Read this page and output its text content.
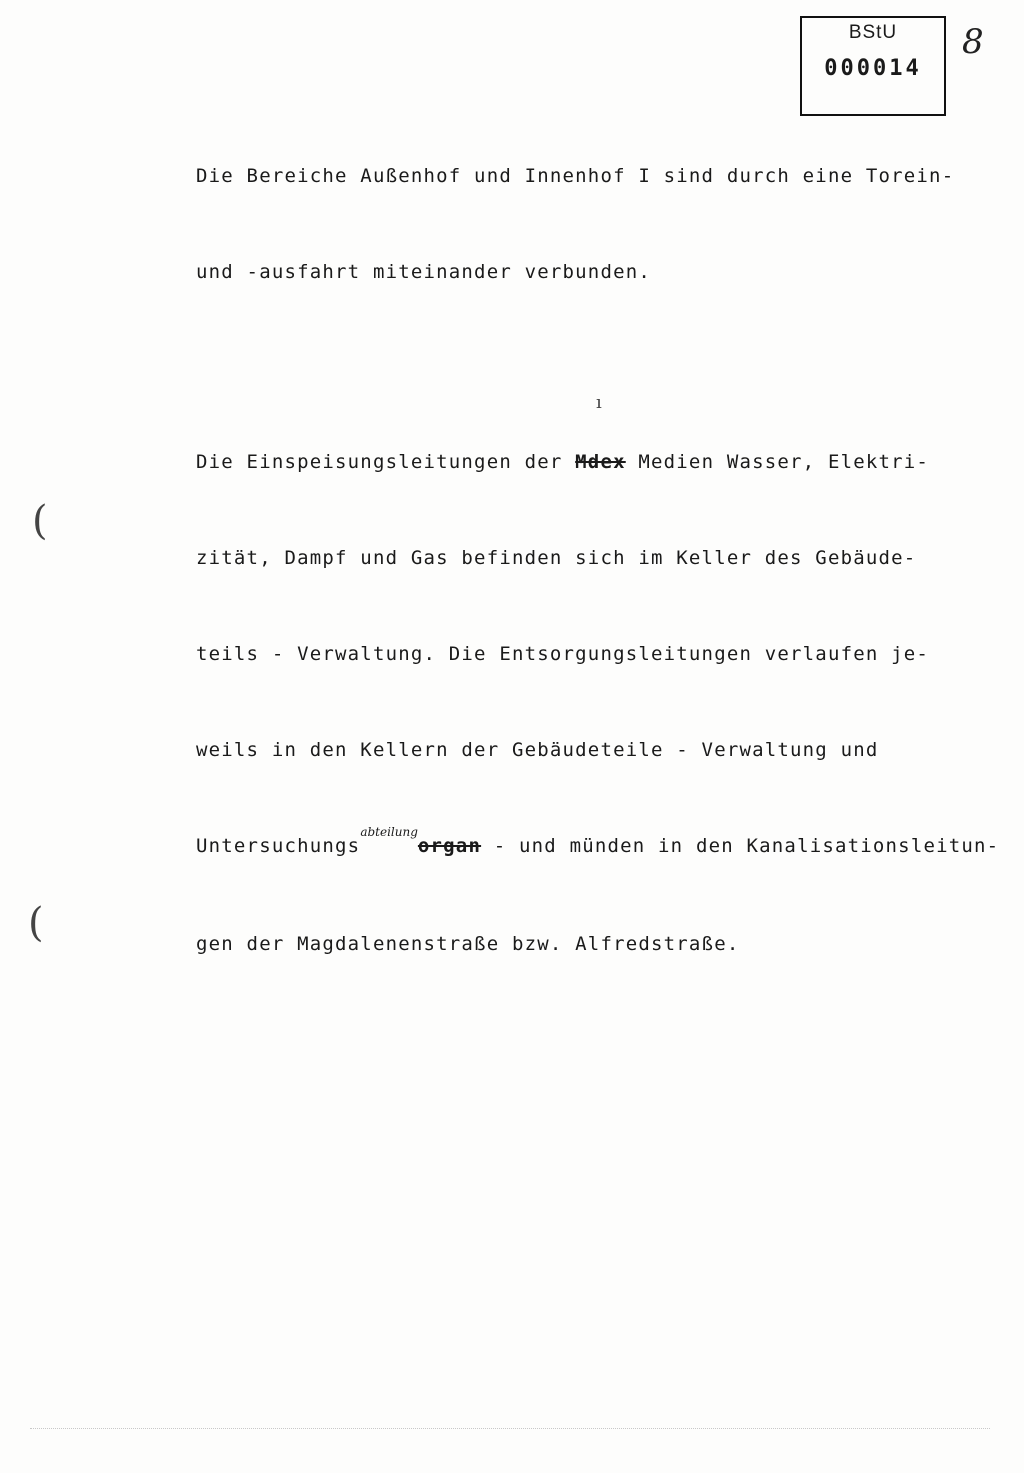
BStU
000014
8

Die Bereiche Außenhof und Innenhof I sind durch eine Torein-

und -ausfahrt miteinander verbunden.

Die Einspeisungsleitungen der Mdex Medien Wasser, Elektri-

zität, Dampf und Gas befinden sich im Keller des Gebäude-

teils - Verwaltung. Die Entsorgungsleitungen verlaufen je-

weils in den Kellern der Gebäudeteile - Verwaltung und

Untersuchungs$^{abteilung}$organ - und münden in den Kanalisationsleitun-

gen der Magdalenenstraße bzw. Alfredstraße.

(
(
ı
